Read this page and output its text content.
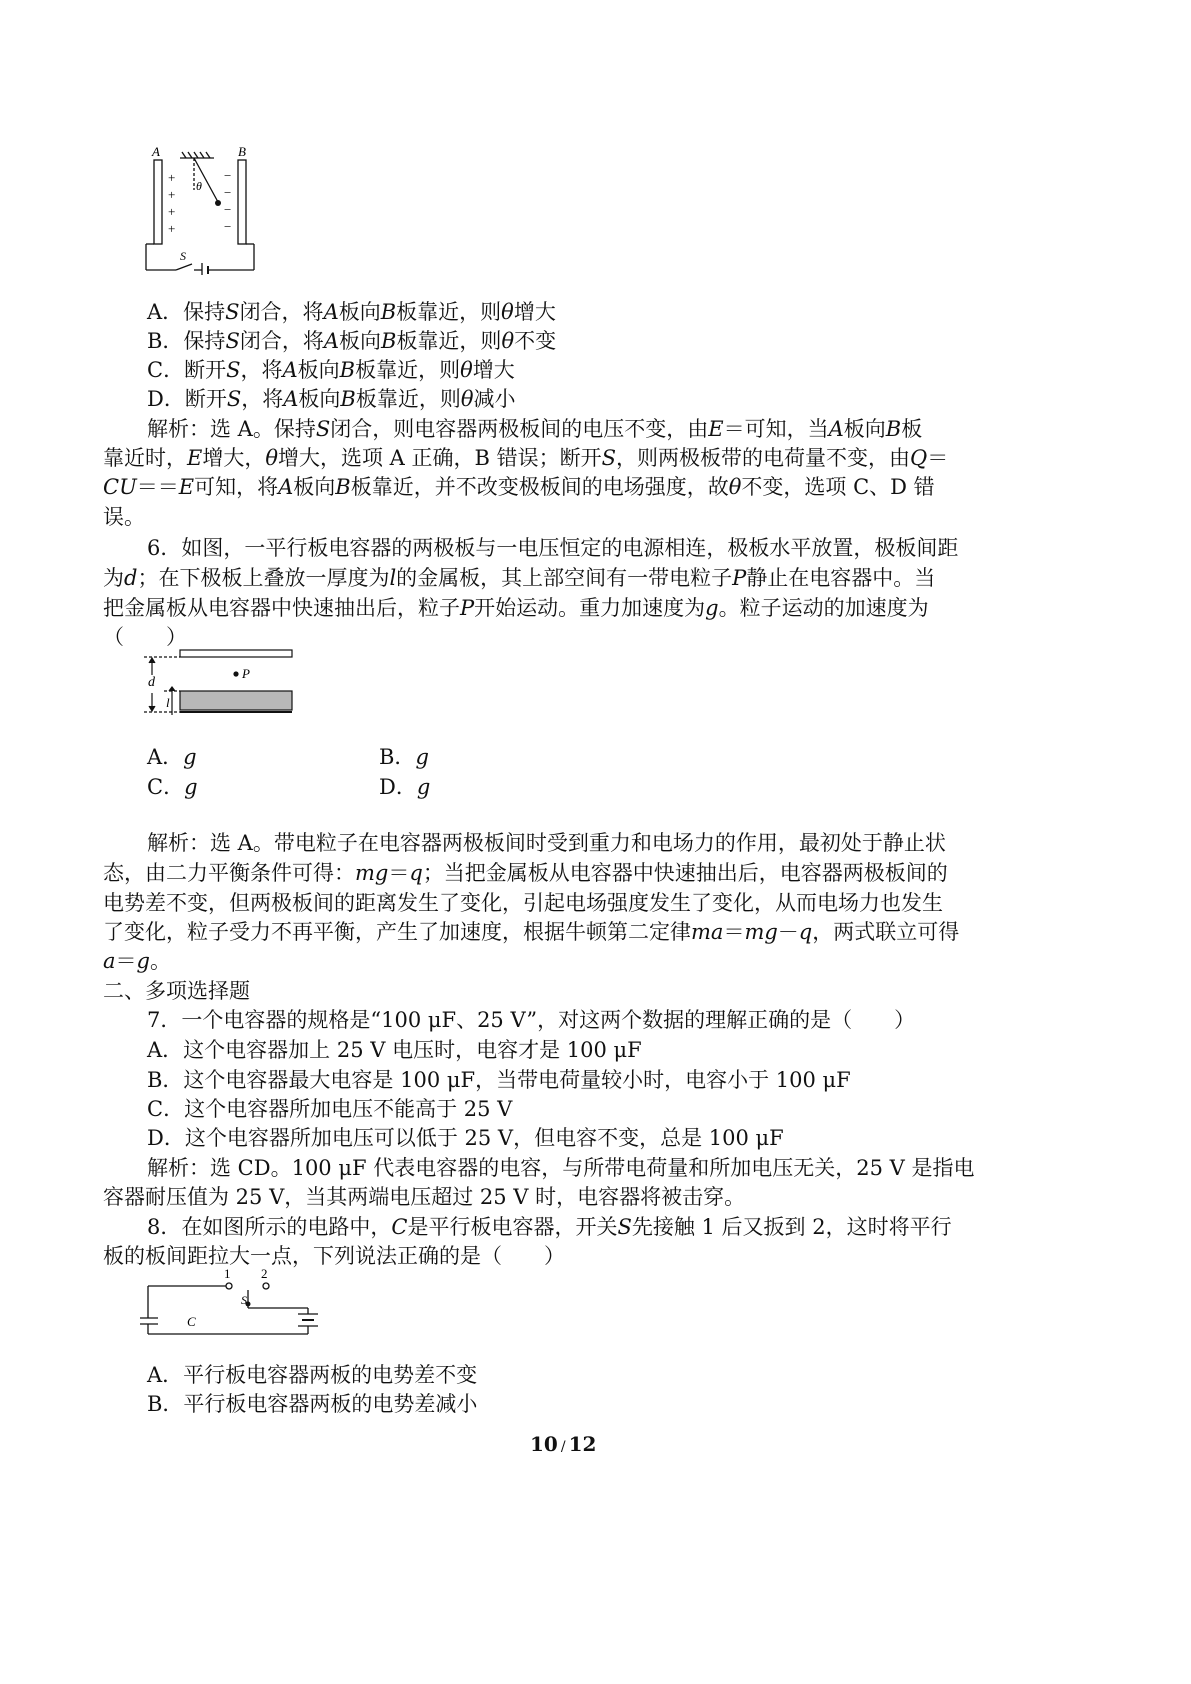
A	B
θ
S
+
+
+
+
−
−
−
−
A．保持S闭合，将A板向B板靠近，则θ增大
B．保持S闭合，将A板向B板靠近，则θ不变
C．断开S，将A板向B板靠近，则θ增大
D．断开S，将A板向B板靠近，则θ减小
解析：选 A。保持S闭合，则电容器两极板间的电压不变，由E＝可知，当A板向B板
靠近时，E增大，θ增大，选项 A 正确，B 错误；断开S，则两极板带的电荷量不变，由Q＝
CU＝＝E可知，将A板向B板靠近，并不改变极板间的电场强度，故θ不变，选项 C、D 错
误。
6．如图，一平行板电容器的两极板与一电压恒定的电源相连，极板水平放置，极板间距
为d；在下极板上叠放一厚度为l的金属板，其上部空间有一带电粒子P静止在电容器中。当
把金属板从电容器中快速抽出后，粒子P开始运动。重力加速度为g。粒子运动的加速度为
（　　）
d
l
P
A．g	B．g
C．g	D．g
解析：选 A。带电粒子在电容器两极板间时受到重力和电场力的作用，最初处于静止状
态，由二力平衡条件可得：mg＝q；当把金属板从电容器中快速抽出后，电容器两极板间的
电势差不变，但两极板间的距离发生了变化，引起电场强度发生了变化，从而电场力也发生
了变化，粒子受力不再平衡，产生了加速度，根据牛顿第二定律ma＝mg－q，两式联立可得
a＝g。
二、多项选择题
7．一个电容器的规格是“100 μF、25 V”，对这两个数据的理解正确的是（　　）
A．这个电容器加上 25 V 电压时，电容才是 100 μF
B．这个电容器最大电容是 100 μF，当带电荷量较小时，电容小于 100 μF
C．这个电容器所加电压不能高于 25 V
D．这个电容器所加电压可以低于 25 V，但电容不变，总是 100 μF
解析：选 CD。100 μF 代表电容器的电容，与所带电荷量和所加电压无关，25 V 是指电
容器耐压值为 25 V，当其两端电压超过 25 V 时，电容器将被击穿。
8．在如图所示的电路中，C是平行板电容器，开关S先接触 1 后又扳到 2，这时将平行
板的板间距拉大一点，下列说法正确的是（　　）
1 2
S
C
A．平行板电容器两板的电势差不变
B．平行板电容器两板的电势差减小
10 / 12
